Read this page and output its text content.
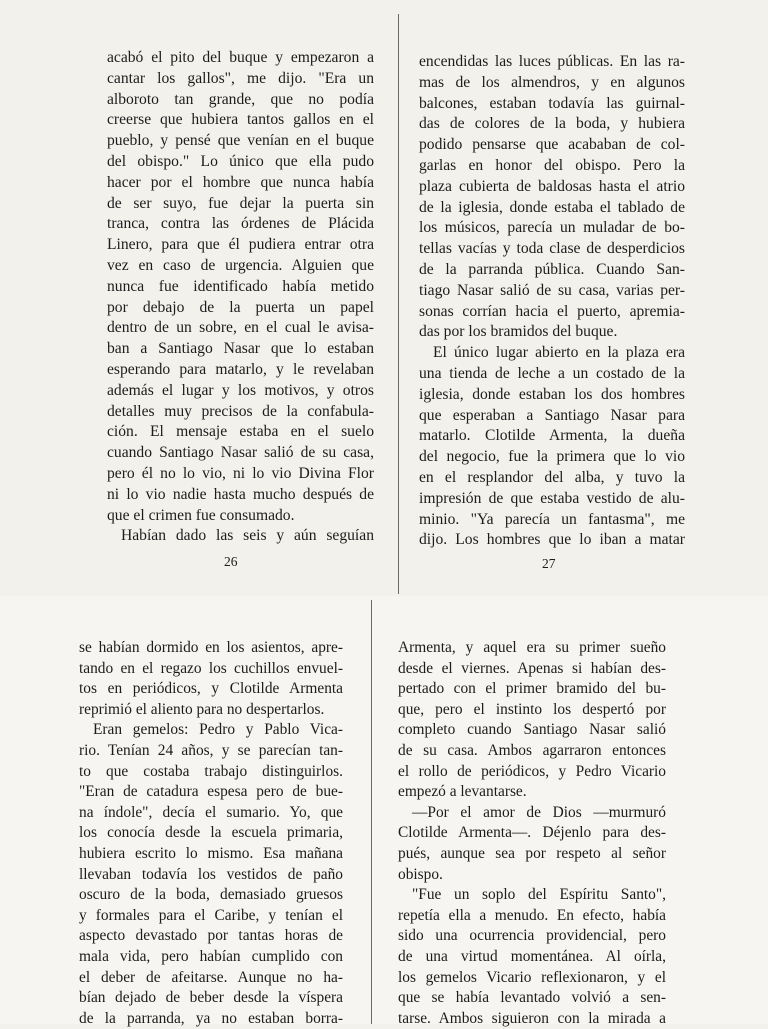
acabó el pito del buque y empezaron a
cantar los gallos", me dijo. "Era un
alboroto tan grande, que no podía
creerse que hubiera tantos gallos en el
pueblo, y pensé que venían en el buque
del obispo." Lo único que ella pudo
hacer por el hombre que nunca había
de ser suyo, fue dejar la puerta sin
tranca, contra las órdenes de Plácida
Linero, para que él pudiera entrar otra
vez en caso de urgencia. Alguien que
nunca fue identificado había metido
por debajo de la puerta un papel
dentro de un sobre, en el cual le avisa-
ban a Santiago Nasar que lo estaban
esperando para matarlo, y le revelaban
además el lugar y los motivos, y otros
detalles muy precisos de la confabula-
ción. El mensaje estaba en el suelo
cuando Santiago Nasar salió de su casa,
pero él no lo vio, ni lo vio Divina Flor
ni lo vio nadie hasta mucho después de
que el crimen fue consumado.
Habían dado las seis y aún seguían
26
encendidas las luces públicas. En las ra-
mas de los almendros, y en algunos
balcones, estaban todavía las guirnal-
das de colores de la boda, y hubiera
podido pensarse que acababan de col-
garlas en honor del obispo. Pero la
plaza cubierta de baldosas hasta el atrio
de la iglesia, donde estaba el tablado de
los músicos, parecía un muladar de bo-
tellas vacías y toda clase de desperdicios
de la parranda pública. Cuando San-
tiago Nasar salió de su casa, varias per-
sonas corrían hacia el puerto, apremia-
das por los bramidos del buque.
El único lugar abierto en la plaza era
una tienda de leche a un costado de la
iglesia, donde estaban los dos hombres
que esperaban a Santiago Nasar para
matarlo. Clotilde Armenta, la dueña
del negocio, fue la primera que lo vio
en el resplandor del alba, y tuvo la
impresión de que estaba vestido de alu-
minio. "Ya parecía un fantasma", me
dijo. Los hombres que lo iban a matar
27
se habían dormido en los asientos, apre-
tando en el regazo los cuchillos envuel-
tos en periódicos, y Clotilde Armenta
reprimió el aliento para no despertarlos.
Eran gemelos: Pedro y Pablo Vica-
rio. Tenían 24 años, y se parecían tan-
to que costaba trabajo distinguirlos.
"Eran de catadura espesa pero de bue-
na índole", decía el sumario. Yo, que
los conocía desde la escuela primaria,
hubiera escrito lo mismo. Esa mañana
llevaban todavía los vestidos de paño
oscuro de la boda, demasiado gruesos
y formales para el Caribe, y tenían el
aspecto devastado por tantas horas de
mala vida, pero habían cumplido con
el deber de afeitarse. Aunque no ha-
bían dejado de beber desde la víspera
de la parranda, ya no estaban borra-
Armenta, y aquel era su primer sueño
desde el viernes. Apenas si habían des-
pertado con el primer bramido del bu-
que, pero el instinto los despertó por
completo cuando Santiago Nasar salió
de su casa. Ambos agarraron entonces
el rollo de periódicos, y Pedro Vicario
empezó a levantarse.
—Por el amor de Dios —murmuró
Clotilde Armenta—. Déjenlo para des-
pués, aunque sea por respeto al señor
obispo.
"Fue un soplo del Espíritu Santo",
repetía ella a menudo. En efecto, había
sido una ocurrencia providencial, pero
de una virtud momentánea. Al oírla,
los gemelos Vicario reflexionaron, y el
que se había levantado volvió a sen-
tarse. Ambos siguieron con la mirada a
